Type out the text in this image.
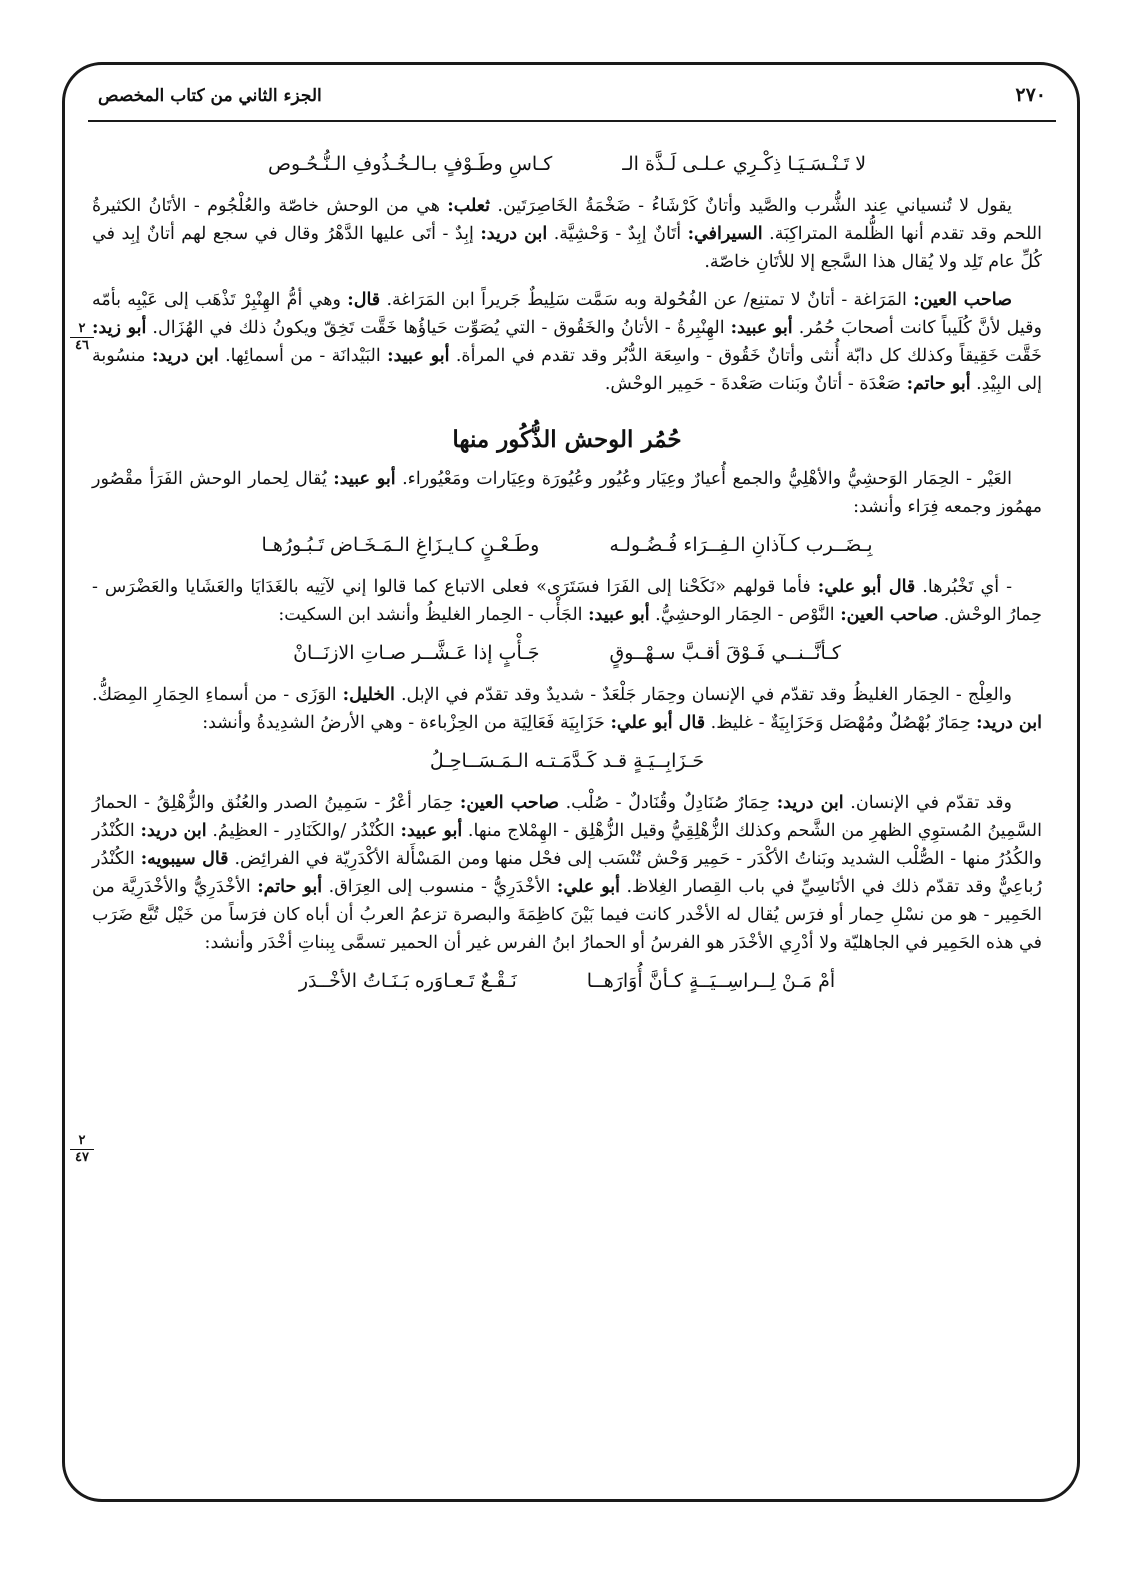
٢٧٠
الجزء الثاني من كتاب المخصص
٢
٤٦
٢
٤٧
لا تَـنْـسَـيَـا ذِكْـرِي عـلـى لَـذَّة الـ
كـاسِ وطَـوْفٍ بـالـخُـذُوفِ الـنُّـحُـوص

يقول لا تُنسياني عِند الشُّرب والصَّيد وأتانٌ كَرْشَاءُ - ضَخْمَةُ الخَاصِرَتَين. ثعلب: هي من الوحش خاصّة والعُلْجُوم - الأتَانُ الكثيرةُ اللحم وقد تقدم أنها الظُّلمة المتراكِبَة. السيرافي: أتَانٌ إبِدٌ - وَحْشِيَّة. ابن دريد: إبِدٌ - أتَى عليها الدَّهْرُ وقال في سجع لهم أتانٌ إبِد في كُلِّ عام تَلِد ولا يُقال هذا السَّجع إلا للأتَانِ خاصّة.

صاحب العين: المَرَاغة - أتانٌ لا تمتنِع/ عن الفُحُولة وبه سَمَّت سَلِيطٌ جَريراً ابن المَرَاغة. قال: وهي أمُّ الهِنْبِرْ تَذْهَب إلى عَيْبِه بأمّه وقيل لأنَّ كُلَيباً كانت أصحابَ حُمُر. أبو عبيد: الهِنْبِرةُ - الأتانُ والخَقُوق - التي يُصَوِّت حَياؤُها خَقَّت تَخِقّ ويكونُ ذلك في الهُزَال. أبو زيد: خَقَّت خَقِيقاً وكذلك كل دابّة أُنثى وأتانٌ خَقُوق - واسِعَة الدُّبُر وقد تقدم في المرأة. أبو عبيد: البَيْدانَة - من أسمائِها. ابن دريد: منسُوبة إلى البِيْدِ. أبو حاتم: صَعْدَة - أتانٌ وبَنات صَعْدةَ - حَمِير الوحْش.

حُمُر الوحش الذُّكُور منها

العَيْر - الحِمَار الوَحشِيُّ والأهْلِيُّ والجمع أُعيارٌ وعِيَار وعُيُور وعُيُورَة وعِيَارات ومَعْيُوراء. أبو عبيد: يُقال لِحمار الوحش الفَرَأ مقْصُور مهمُوز وجمعه فِرَاء وأنشد:

بِـضَــرب كـآذانِ الـفِــرَاء فُـضُـولـه
وطَـعْـنٍ كـايـزَاغِ الـمَـخَـاض تَـبُـورُهـا

- أي تَخْبُرها. قال أبو علي: فأما قولهم «نَكَحْنا إلى الفَرَا فسَتَرَى» فعلى الاتباع كما قالوا إني لآتِيه بالغَدَايَا والعَشَايا والعَضْرَس - حِمارُ الوحْش. صاحب العين: النَّوْص - الحِمَار الوحشِيُّ. أبو عبيد: الجَأْب - الحِمار الغليظُ وأنشد ابن السكيت:

كـأنَّــنــي فَـوْقَ أقـبَّ سـهْــوقٍ
جَـأْبٍ إذا عَـشَّــر صـاتِ الازنَــانْ

والعِلْج - الحِمَار الغليظُ وقد تقدّم في الإنسان وحِمَار جَلْعَدٌ - شديدٌ وقد تقدّم في الإبل. الخليل: الوَزَى - من أسماءِ الحِمَارِ المِصَكُّ. ابن دريد: حِمَارٌ بُهْصُلٌ ومُهْصَل وَحَزَابِيَةٌ - غليظ. قال أبو علي: حَزَابِيَة فَعَالِيَة من الحِزْباءة - وهي الأرضُ الشدِيدةُ وأنشد:

حَـزَابِــيَـةٍ قـد كَـدَّمَـتـه الـمَـسَــاحِـلُ

وقد تقدّم في الإنسان. ابن دريد: حِمَارٌ صُنَادِلٌ وقُنَادلٌ - صُلْب. صاحب العين: حِمَار أعْرُ - سَمِينُ الصدر والعُنُق والزُّهْلِقُ - الحمارُ السَّمِينُ المُستوِي الظهرِ من الشَّحم وكذلك الزُّهْلِقِيُّ وقيل الزُّهْلِق - الهِمْلاج منها. أبو عبيد: الكُنْدُر /والكَنَادِر - العظِيمُ. ابن دريد: الكُنْدُر والكُدُرُ منها - الصُّلْب الشديد وبَناتُ الأكْدَر - حَمِير وَحْش تُنْسَب إلى فحْل منها ومن المَسْأَلة الأكْدَرِيّة في الفرائِض. قال سيبويه: الكُنْدُر رُباعِيٌّ وقد تقدّم ذلك في الأنَاسِيِّ في باب القِصار الغِلاظ. أبو علي: الأخْدَرِيُّ - منسوب إلى العِرَاق. أبو حاتم: الأخْدَرِيُّ والأخْدَرِيَّة من الحَمِير - هو من نسْلِ حِمار أو فرَس يُقال له الأخْدر كانت فيما بَيْنَ كاظِمَةَ والبصرة تزعمُ العربُ أن أباه كان فرَساً من خَيْل تُبَّع ضَرَب في هذه الحَمِير في الجاهليّة ولا أدْرِي الأخْدَر هو الفرسُ أو الحمارُ ابنُ الفرس غير أن الحمير تسمَّى بِبناتِ أخْدَر وأنشد:

أمْ مَـنْ لِــراسِــيَــةٍ كـأنَّ أُوَارَهــا
نَـقْـعٌ تَـعـاوَره بَـنَـاتُ الأخْــدَر
